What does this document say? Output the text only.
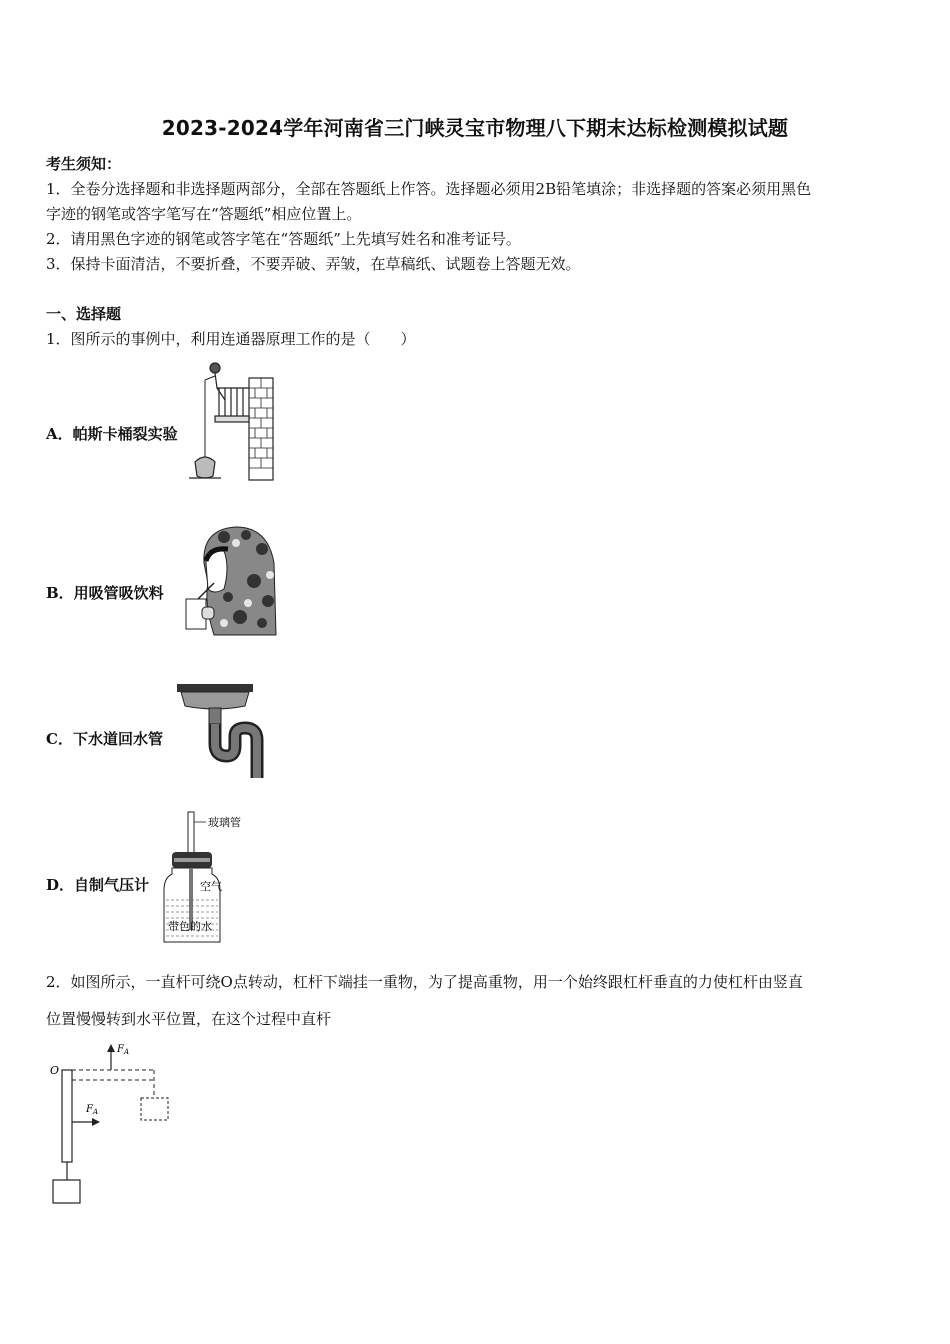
2023-2024学年河南省三门峡灵宝市物理八下期末达标检测模拟试题
考生须知：
1．全卷分选择题和非选择题两部分，全部在答题纸上作答。选择题必须用2B铅笔填涂；非选择题的答案必须用黑色
字迹的钢笔或答字笔写在“答题纸”相应位置上。
2．请用黑色字迹的钢笔或答字笔在“答题纸”上先填写姓名和准考证号。
3．保持卡面清洁，不要折叠，不要弄破、弄皱，在草稿纸、试题卷上答题无效。
一、选择题
1．图所示的事例中，利用连通器原理工作的是（　　）
A．帕斯卡桶裂实验
B．用吸管吸饮料
C．下水道回水管
D．自制气压计
玻璃管
空气
带色的水
2．如图所示，一直杆可绕O点转动，杠杆下端挂一重物，为了提高重物，用一个始终跟杠杆垂直的力使杠杆由竖直
位置慢慢转到水平位置，在这个过程中直杆
O
$F_A$
$F_A$
